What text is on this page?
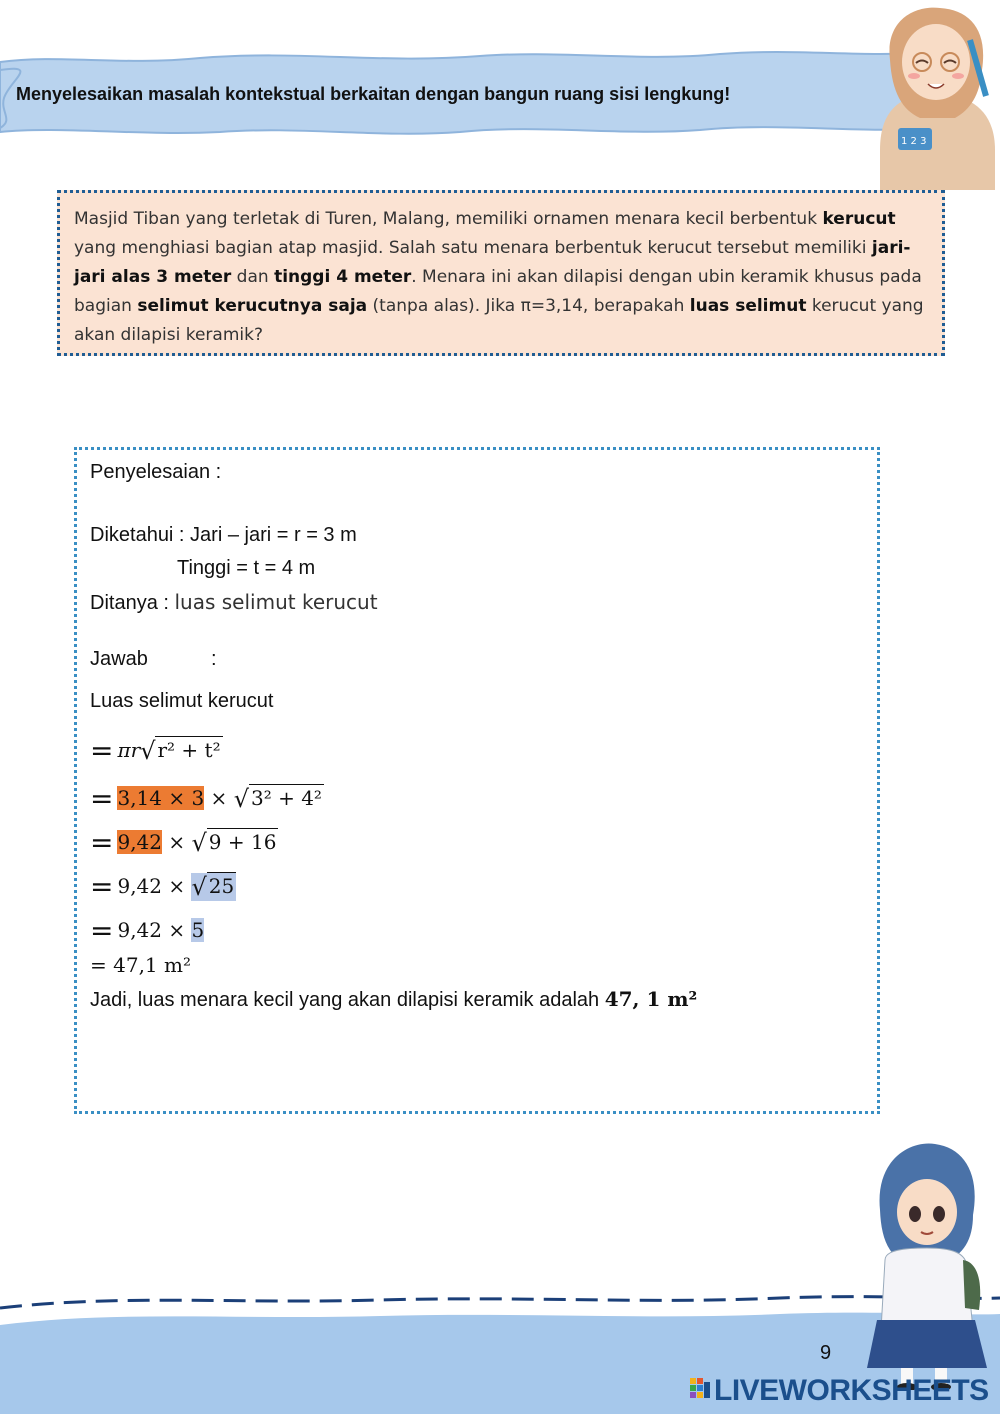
Menyelesaikan masalah kontekstual berkaitan dengan bangun ruang sisi lengkung!
1 2 3
Masjid Tiban yang terletak di Turen, Malang, memiliki ornamen menara kecil berbentuk kerucut yang menghiasi bagian atap masjid. Salah satu menara berbentuk kerucut tersebut memiliki jari-jari alas 3 meter dan tinggi 4 meter. Menara ini akan dilapisi dengan ubin keramik khusus pada bagian selimut kerucutnya saja (tanpa alas). Jika π=3,14, berapakah luas selimut kerucut yang akan dilapisi keramik?
Penyelesaian :
Diketahui : Jari – jari = r = 3 m
Tinggi = t = 4 m
Ditanya : luas selimut kerucut
Jawab	:
Luas selimut kerucut
= πr√ r² + t²
= 3,14 × 3 × √ 3² + 4²
= 9,42 × √ 9 + 16
= 9,42 × √ 25
= 9,42 × 5
= 47,1 m²
Jadi, luas menara kecil yang akan dilapisi keramik adalah 47, 1 m²
9
LIVEWORKSHEETS
